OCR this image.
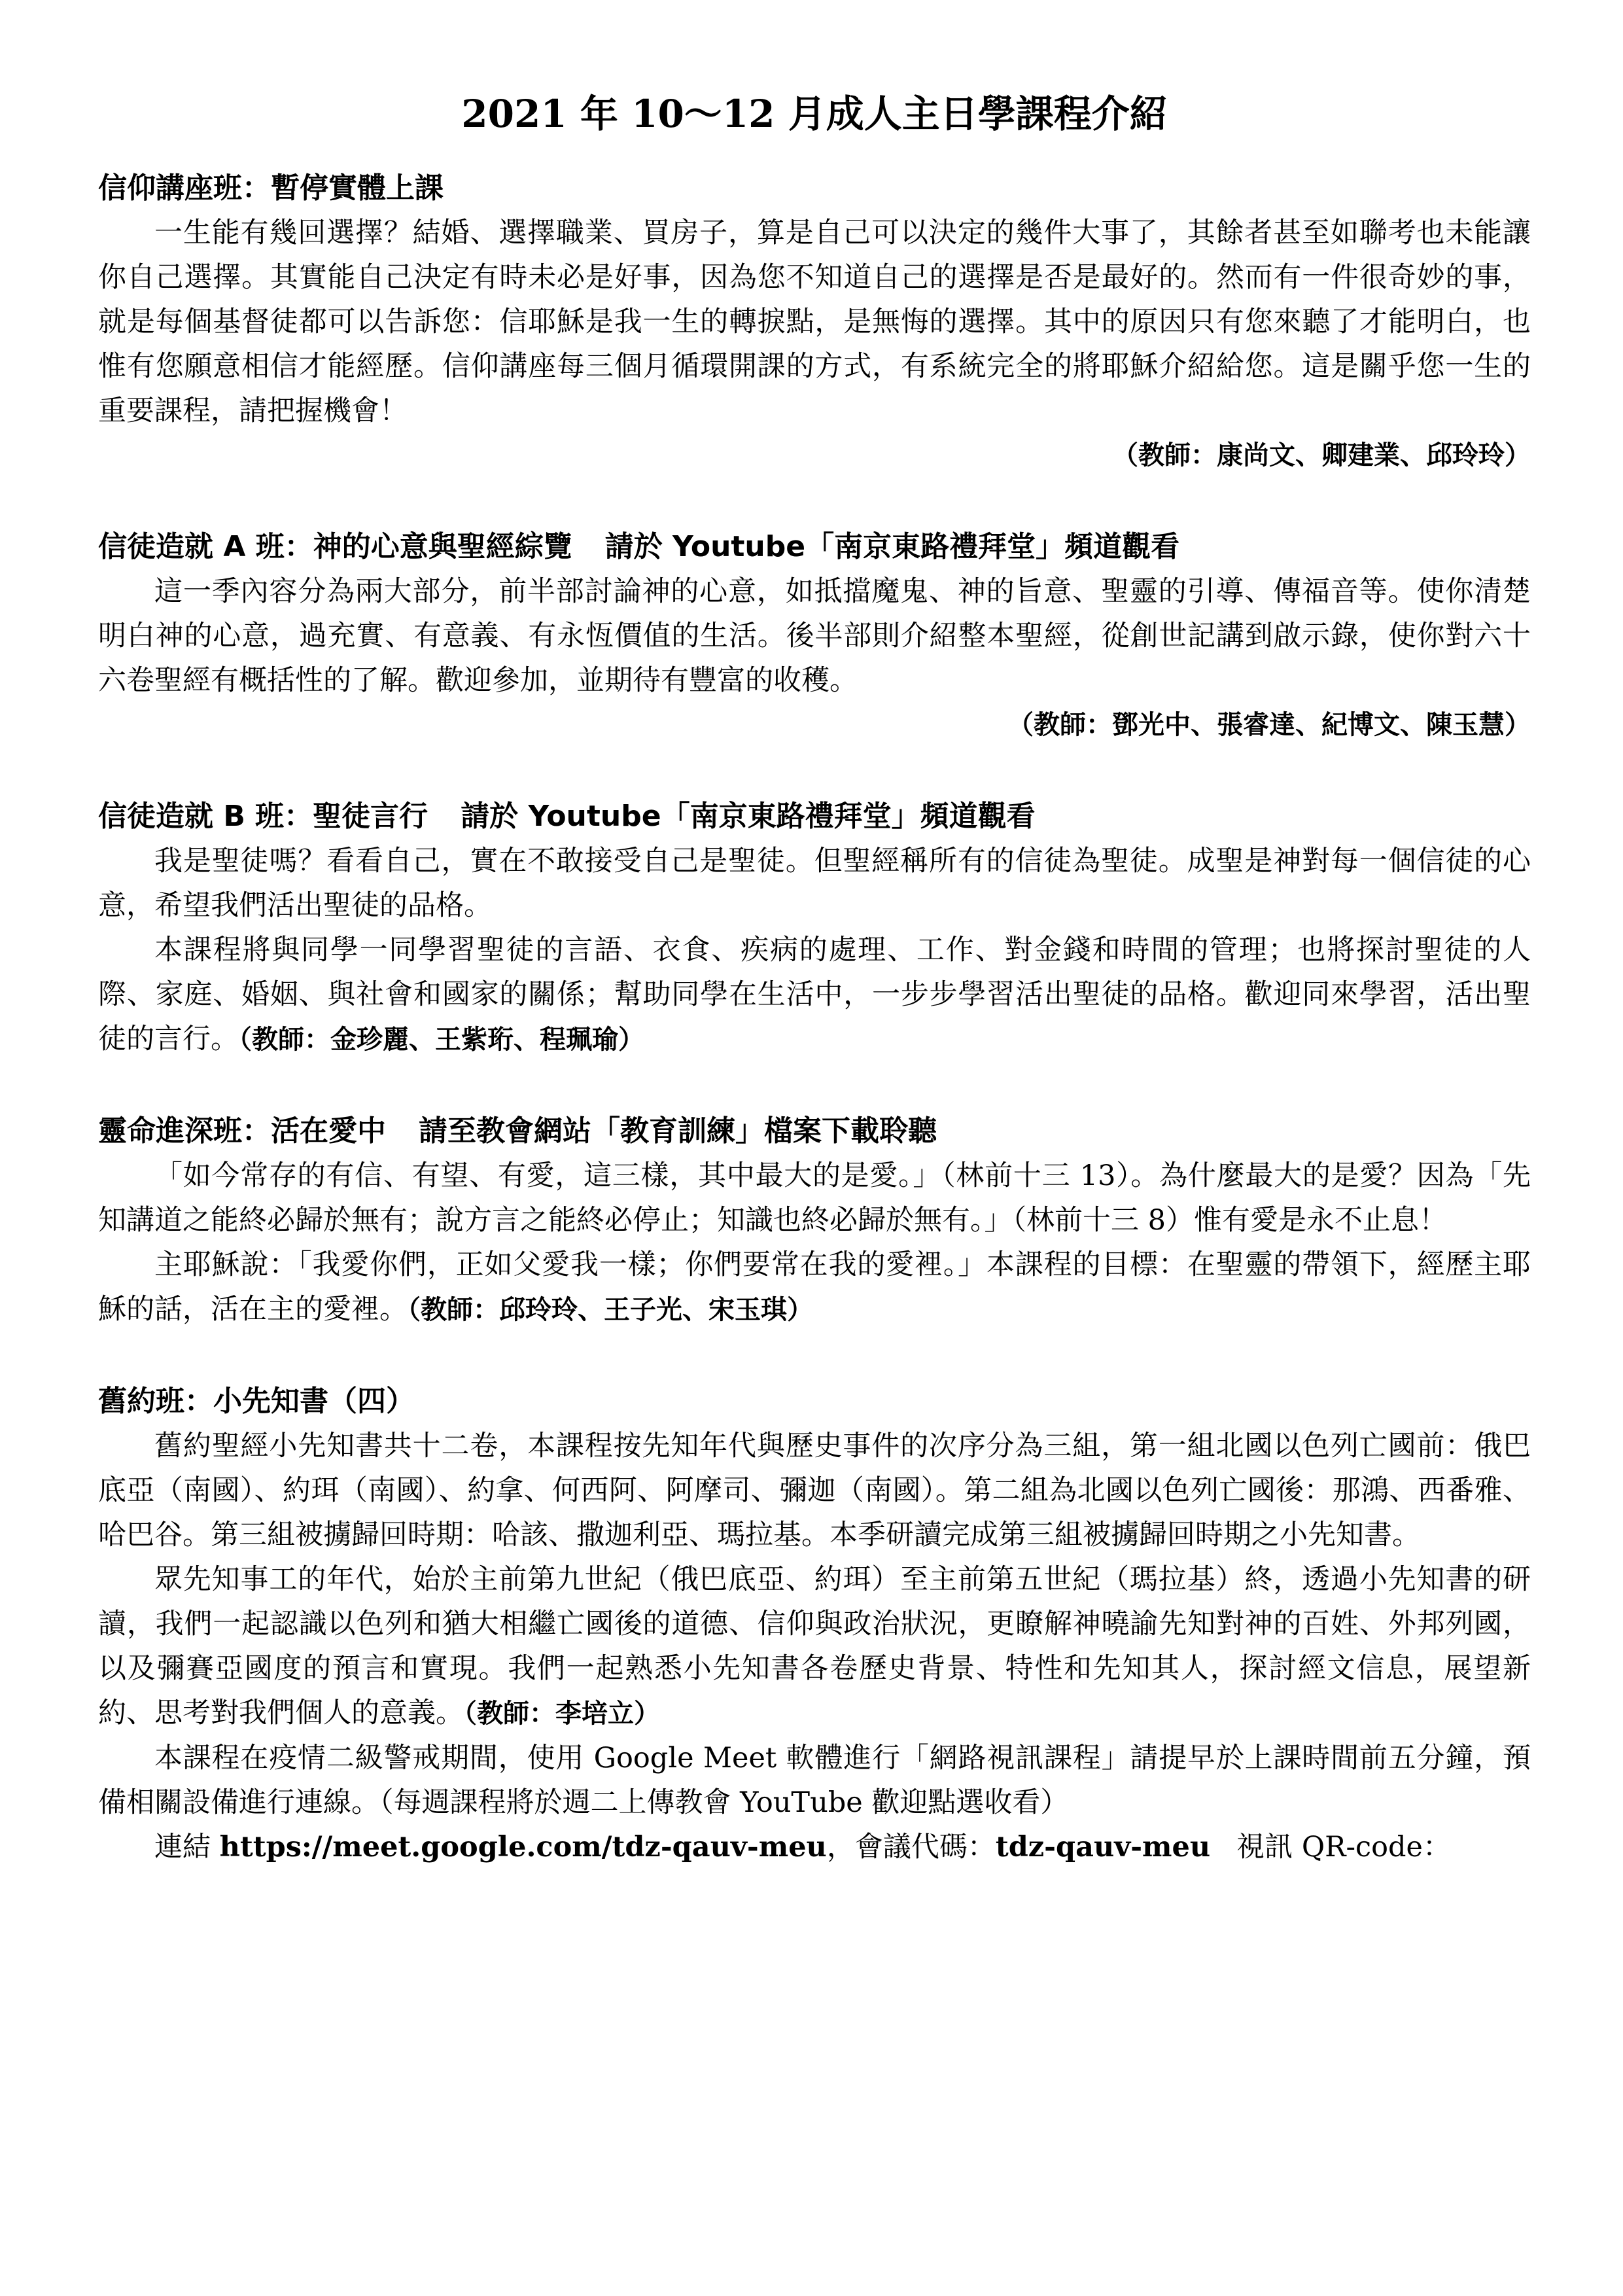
2021 年 10～12 月成人主日學課程介紹

信仰講座班：暫停實體上課

一生能有幾回選擇？結婚、選擇職業、買房子，算是自己可以決定的幾件大事了，其餘者甚至如聯考也未能讓你自己選擇。其實能自己決定有時未必是好事，因為您不知道自己的選擇是否是最好的。然而有一件很奇妙的事，就是每個基督徒都可以告訴您：信耶穌是我一生的轉捩點，是無悔的選擇。其中的原因只有您來聽了才能明白，也惟有您願意相信才能經歷。信仰講座每三個月循環開課的方式，有系統完全的將耶穌介紹給您。這是關乎您一生的重要課程，請把握機會！

（教師：康尚文、卿建業、邱玲玲）

信徒造就 A 班：神的心意與聖經綜覽 請於 Youtube「南京東路禮拜堂」頻道觀看

這一季內容分為兩大部分，前半部討論神的心意，如抵擋魔鬼、神的旨意、聖靈的引導、傳福音等。使你清楚明白神的心意，過充實、有意義、有永恆價值的生活。後半部則介紹整本聖經，從創世記講到啟示錄，使你對六十六卷聖經有概括性的了解。歡迎參加，並期待有豐富的收穫。

（教師：鄧光中、張睿達、紀博文、陳玉慧）

信徒造就 B 班：聖徒言行 請於 Youtube「南京東路禮拜堂」頻道觀看

我是聖徒嗎？看看自己，實在不敢接受自己是聖徒。但聖經稱所有的信徒為聖徒。成聖是神對每一個信徒的心意，希望我們活出聖徒的品格。

本課程將與同學一同學習聖徒的言語、衣食、疾病的處理、工作、對金錢和時間的管理；也將探討聖徒的人際、家庭、婚姻、與社會和國家的關係；幫助同學在生活中，一步步學習活出聖徒的品格。歡迎同來學習，活出聖徒的言行。（教師：金珍麗、王紫珩、程珮瑜）

靈命進深班：活在愛中 請至教會網站「教育訓練」檔案下載聆聽

「如今常存的有信、有望、有愛，這三樣，其中最大的是愛。」（林前十三 13）。為什麼最大的是愛？因為「先知講道之能終必歸於無有；說方言之能終必停止；知識也終必歸於無有。」（林前十三 8）惟有愛是永不止息！

主耶穌說：「我愛你們，正如父愛我一樣；你們要常在我的愛裡。」本課程的目標：在聖靈的帶領下，經歷主耶穌的話，活在主的愛裡。（教師：邱玲玲、王子光、宋玉琪）

舊約班：小先知書（四）

舊約聖經小先知書共十二卷，本課程按先知年代與歷史事件的次序分為三組，第一組北國以色列亡國前：俄巴底亞（南國）、約珥（南國）、約拿、何西阿、阿摩司、彌迦（南國）。第二組為北國以色列亡國後：那鴻、西番雅、哈巴谷。第三組被擄歸回時期：哈該、撒迦利亞、瑪拉基。本季研讀完成第三組被擄歸回時期之小先知書。

眾先知事工的年代，始於主前第九世紀（俄巴底亞、約珥）至主前第五世紀（瑪拉基）終，透過小先知書的研讀，我們一起認識以色列和猶大相繼亡國後的道德、信仰與政治狀況，更瞭解神曉諭先知對神的百姓、外邦列國，以及彌賽亞國度的預言和實現。我們一起熟悉小先知書各卷歷史背景、特性和先知其人，探討經文信息，展望新約、思考對我們個人的意義。（教師：李培立）

本課程在疫情二級警戒期間，使用 Google Meet 軟體進行「網路視訊課程」請提早於上課時間前五分鐘，預備相關設備進行連線。（每週課程將於週二上傳教會 YouTube 歡迎點選收看）

連結 https://meet.google.com/tdz-qauv-meu，會議代碼：tdz-qauv-meu 視訊 QR-code：
